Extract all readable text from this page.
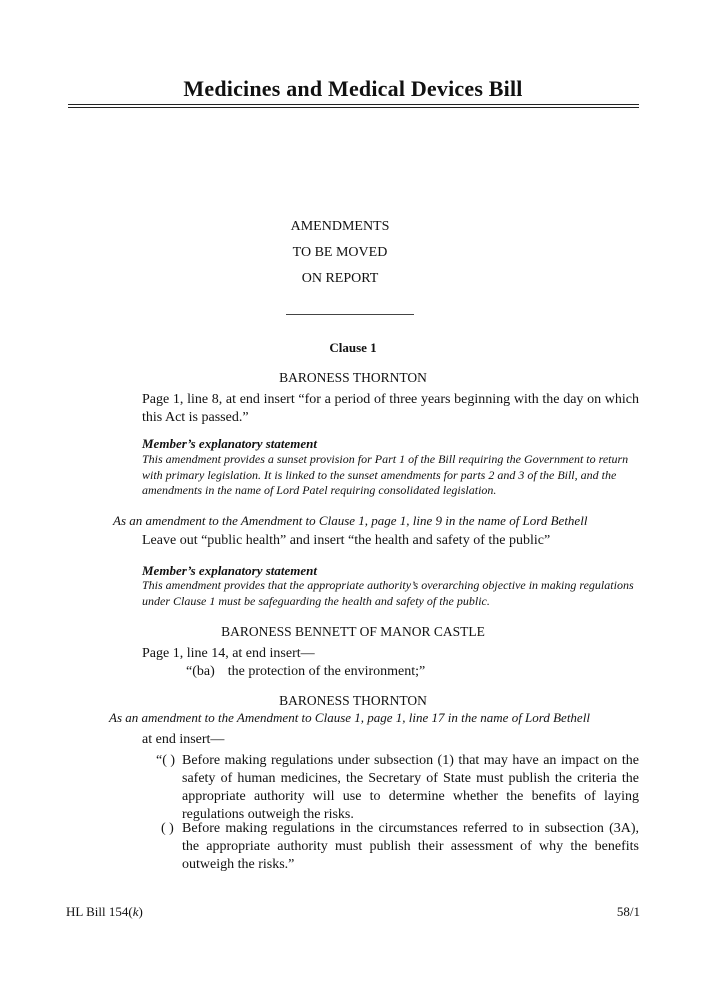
Medicines and Medical Devices Bill
AMENDMENTS
TO BE MOVED
ON REPORT
Clause 1
BARONESS THORNTON
Page 1, line 8, at end insert “for a period of three years beginning with the day on which this Act is passed.”
Member’s explanatory statement
This amendment provides a sunset provision for Part 1 of the Bill requiring the Government to return with primary legislation. It is linked to the sunset amendments for parts 2 and 3 of the Bill, and the amendments in the name of Lord Patel requiring consolidated legislation.
As an amendment to the Amendment to Clause 1, page 1, line 9 in the name of Lord Bethell
Leave out “public health” and insert “the health and safety of the public”
Member’s explanatory statement
This amendment provides that the appropriate authority’s overarching objective in making regulations under Clause 1 must be safeguarding the health and safety of the public.
BARONESS BENNETT OF MANOR CASTLE
Page 1, line 14, at end insert—
“(ba) the protection of the environment;”
BARONESS THORNTON
As an amendment to the Amendment to Clause 1, page 1, line 17 in the name of Lord Bethell
at end insert—
“( ) Before making regulations under subsection (1) that may have an impact on the safety of human medicines, the Secretary of State must publish the criteria the appropriate authority will use to determine whether the benefits of laying regulations outweigh the risks.
( ) Before making regulations in the circumstances referred to in subsection (3A), the appropriate authority must publish their assessment of why the benefits outweigh the risks.”
HL Bill 154(k)	58/1
